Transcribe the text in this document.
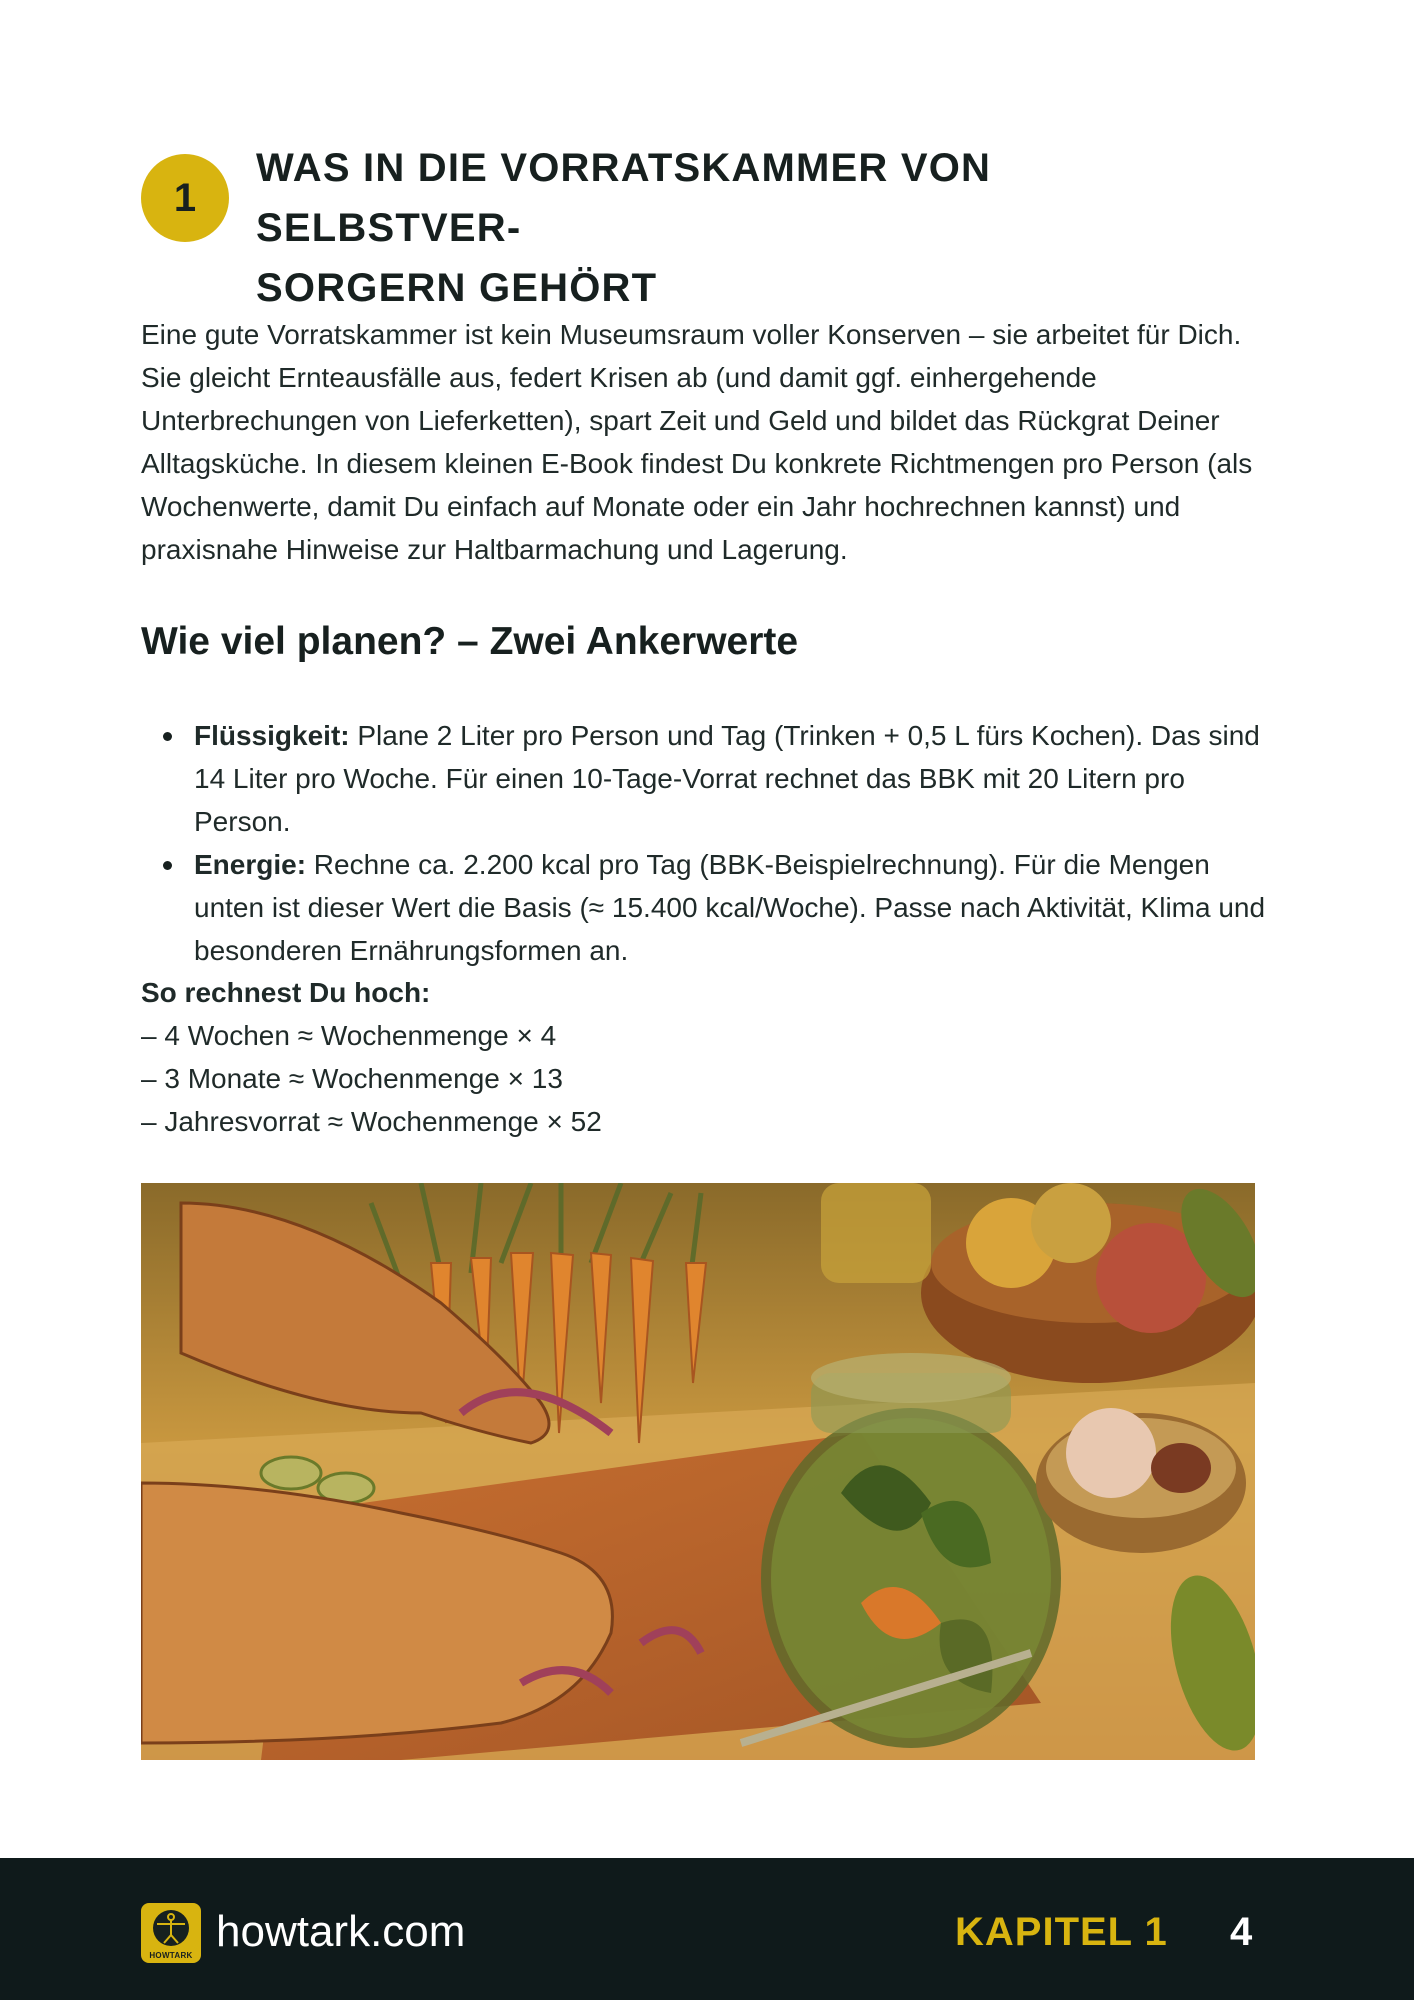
1
WAS IN DIE VORRATSKAMMER VON SELBSTVER-
SORGERN GEHÖRT

Eine gute Vorratskammer ist kein Museumsraum voller Konserven – sie arbeitet für Dich. Sie gleicht Ernteausfälle aus, federt Krisen ab (und damit ggf. einhergehende Unterbrechungen von Lieferketten), spart Zeit und Geld und bildet das Rückgrat Deiner Alltagsküche. In diesem kleinen E-Book findest Du konkrete Richtmengen pro Person (als Wochenwerte, damit Du einfach auf Monate oder ein Jahr hochrechnen kannst) und praxisnahe Hinweise zur Haltbarmachung und Lagerung.

Wie viel planen? – Zwei Ankerwerte
Flüssigkeit: Plane 2 Liter pro Person und Tag (Trinken + 0,5 L fürs Kochen). Das sind 14 Liter pro Woche. Für einen 10-Tage-Vorrat rechnet das BBK mit 20 Litern pro Person.
Energie: Rechne ca. 2.200 kcal pro Tag (BBK-Beispielrechnung). Für die Mengen unten ist dieser Wert die Basis (≈ 15.400 kcal/Woche). Passe nach Aktivität, Klima und besonderen Ernährungsformen an.
So rechnest Du hoch:
– 4 Wochen ≈ Wochenmenge × 4
– 3 Monate ≈ Wochenmenge × 13
– Jahresvorrat ≈ Wochenmenge × 52
HOWTARK howtark.com	KAPITEL 1 4
